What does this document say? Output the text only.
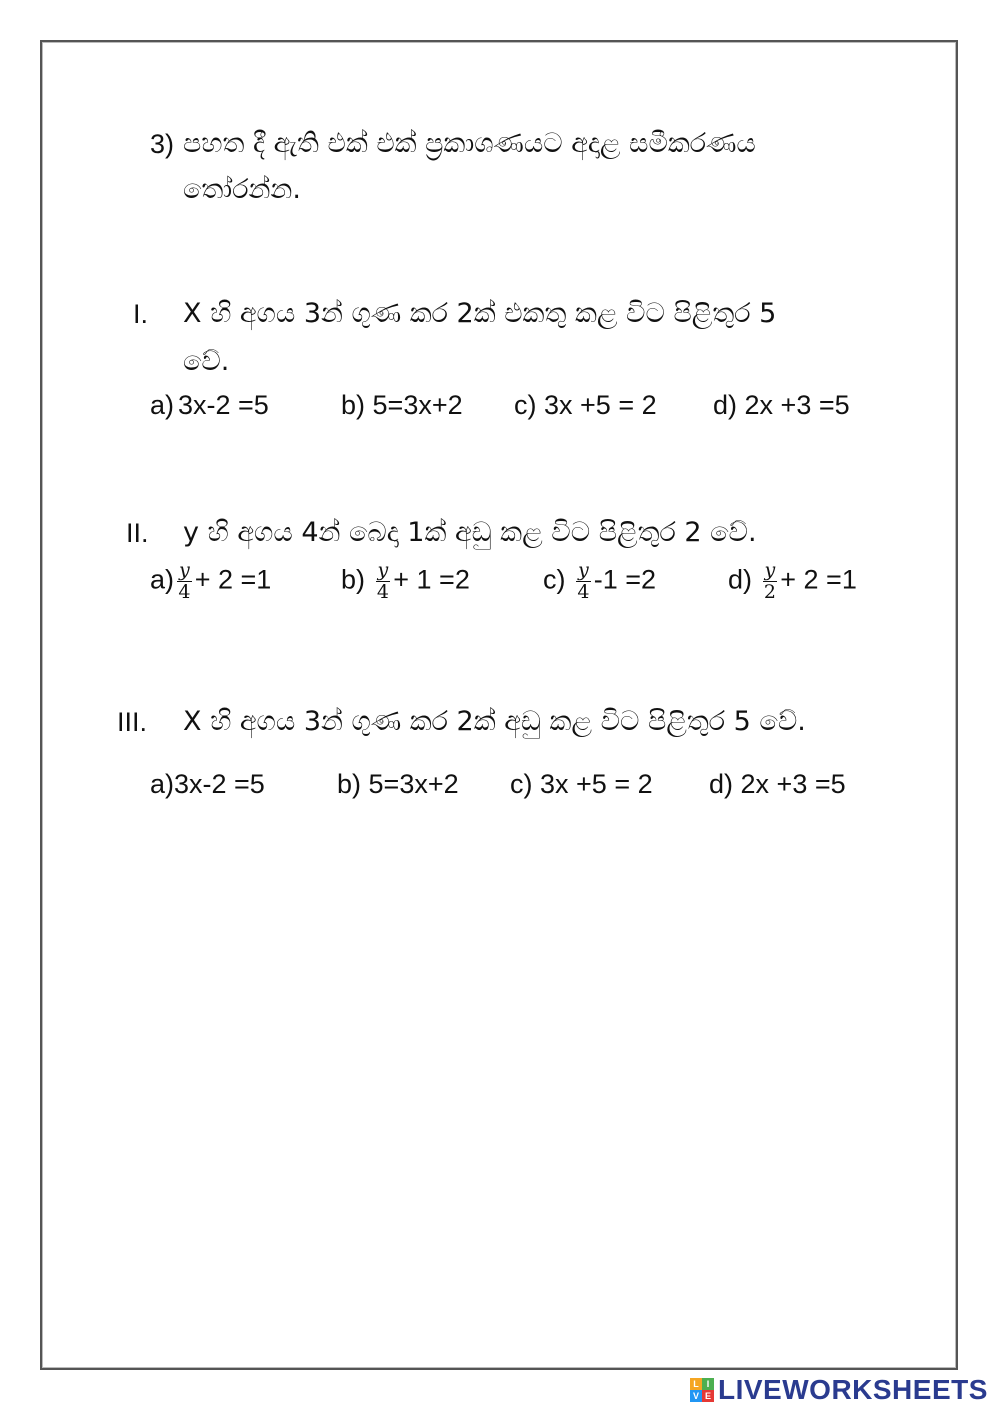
3) පහත දී ඇති එක් එක් ප්‍රකාශණයට අදාළ සමීකරණය
තෝරන්න.
I. X හි අගය 3න් ගුණ කර 2ක් එකතු කළ විට පිළිතුර 5
වේ.
a) 3x-2 =5	b) 5=3x+2 c) 3x +5 = 2 d) 2x +3 =5
II. y හි අගය 4න් බෙදා 1ක් අඩු කළ විට පිළිතුර 2 වේ.
$a) \frac{y}{4} + 2 =1$	$b) \frac{y}{4} + 1 =2$	$c) \frac{y}{4} -1 =2$	$d) \frac{y}{2} + 2 =1$
III. X හි අගය 3න් ගුණ කර 2ක් අඩු කළ විට පිළිතුර 5 වේ.
a)3x-2 =5	b) 5=3x+2 c) 3x +5 = 2 d) 2x +3 =5
L I
V E LIVEWORKSHEETS
